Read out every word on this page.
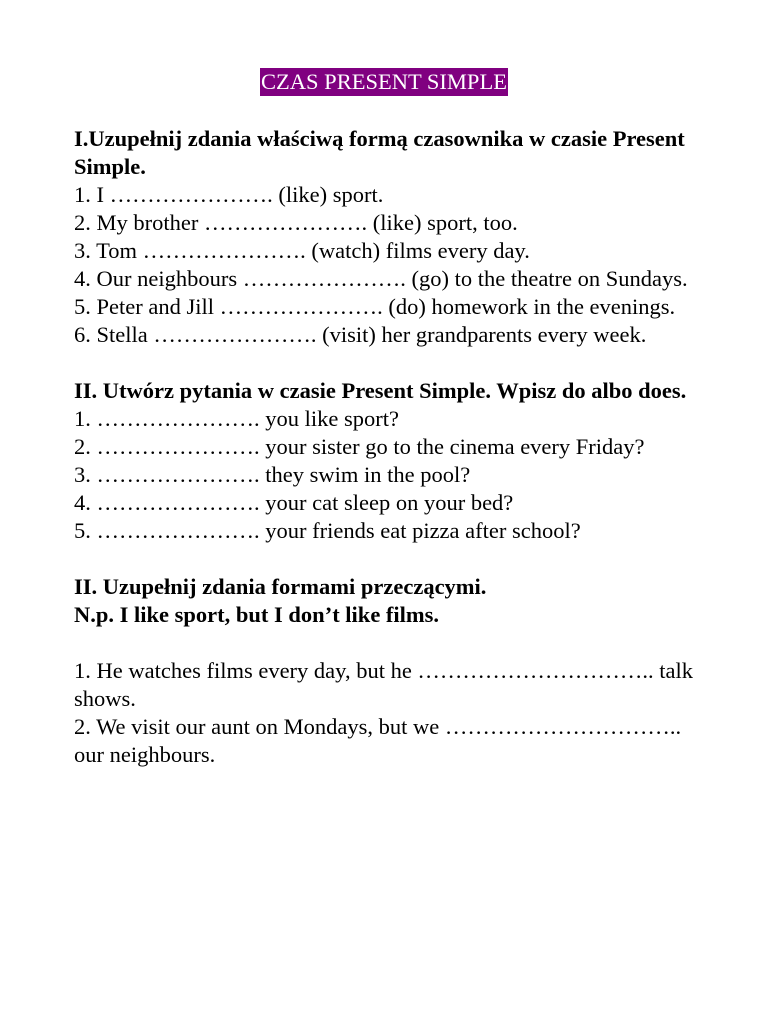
CZAS PRESENT SIMPLE
I.Uzupełnij zdania właściwą formą czasownika w czasie Present Simple.
1. I …………………. (like) sport.
2. My brother …………………. (like) sport, too.
3. Tom …………………. (watch) films every day.
4. Our neighbours …………………. (go) to the theatre on Sundays.
5. Peter and Jill …………………. (do) homework in the evenings.
6. Stella …………………. (visit) her grandparents every week.
II. Utwórz pytania w czasie Present Simple. Wpisz do albo does.
1. …………………. you like sport?
2. …………………. your sister go to the cinema every Friday?
3. …………………. they swim in the pool?
4. …………………. your cat sleep on your bed?
5. …………………. your friends eat pizza after school?
II. Uzupełnij zdania formami przeczącymi.
N.p. I like sport, but I don’t like films.
1. He watches films every day, but he ………………………….. talk shows.
2. We visit our aunt on Mondays, but we ………………………….. our neighbours.
